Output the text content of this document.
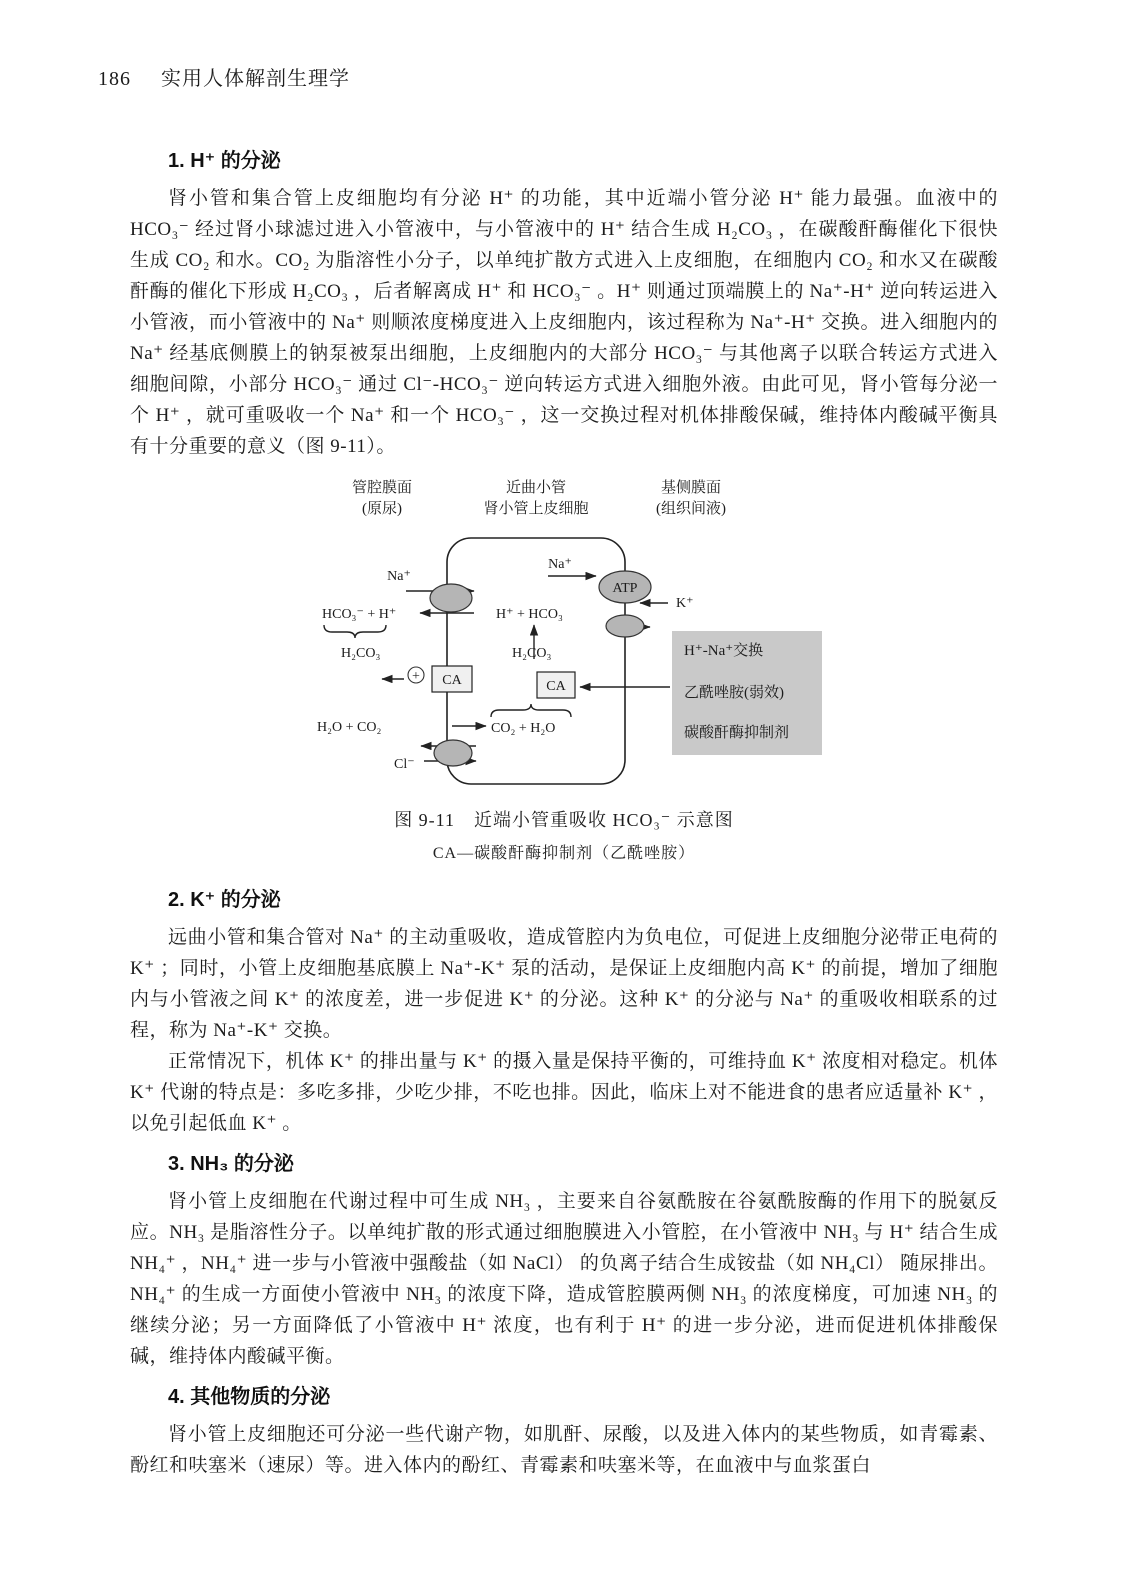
186 实用人体解剖生理学
1. H⁺ 的分泌

肾小管和集合管上皮细胞均有分泌 H⁺ 的功能，其中近端小管分泌 H⁺ 能力最强。血液中的 HCO₃⁻ 经过肾小球滤过进入小管液中，与小管液中的 H⁺ 结合生成 H₂CO₃ ，在碳酸酐酶催化下很快生成 CO₂ 和水。CO₂ 为脂溶性小分子，以单纯扩散方式进入上皮细胞，在细胞内 CO₂ 和水又在碳酸酐酶的催化下形成 H₂CO₃ ，后者解离成 H⁺ 和 HCO₃⁻ 。H⁺ 则通过顶端膜上的 Na⁺-H⁺ 逆向转运进入小管液，而小管液中的 Na⁺ 则顺浓度梯度进入上皮细胞内，该过程称为 Na⁺-H⁺ 交换。进入细胞内的 Na⁺ 经基底侧膜上的钠泵被泵出细胞，上皮细胞内的大部分 HCO₃⁻ 与其他离子以联合转运方式进入细胞间隙，小部分 HCO₃⁻ 通过 Cl⁻-HCO₃⁻ 逆向转运方式进入细胞外液。由此可见，肾小管每分泌一个 H⁺ ，就可重吸收一个 Na⁺ 和一个 HCO₃⁻ ，这一交换过程对机体排酸保碱，维持体内酸碱平衡具有十分重要的意义（图 9-11）。

管腔膜面
(原尿)
近曲小管
肾小管上皮细胞
基侧膜面
(组织间液)
H⁺-Na⁺交换
乙酰唑胺(弱效)
碳酸酐酶抑制剂
ATP
Na⁺
HCO₃⁻ + H⁺
H₂CO₃
+ CA
H₂O + CO₂
Cl⁻
Na⁺
H⁺ + HCO₃
H₂CO₃
CA
CO₂ + H₂O
K⁺
图 9-11　近端小管重吸收 HCO₃⁻ 示意图
CA—碳酸酐酶抑制剂（乙酰唑胺）
2. K⁺ 的分泌

远曲小管和集合管对 Na⁺ 的主动重吸收，造成管腔内为负电位，可促进上皮细胞分泌带正电荷的 K⁺ ；同时，小管上皮细胞基底膜上 Na⁺-K⁺ 泵的活动，是保证上皮细胞内高 K⁺ 的前提，增加了细胞内与小管液之间 K⁺ 的浓度差，进一步促进 K⁺ 的分泌。这种 K⁺ 的分泌与 Na⁺ 的重吸收相联系的过程，称为 Na⁺-K⁺ 交换。

正常情况下，机体 K⁺ 的排出量与 K⁺ 的摄入量是保持平衡的，可维持血 K⁺ 浓度相对稳定。机体 K⁺ 代谢的特点是：多吃多排，少吃少排，不吃也排。因此，临床上对不能进食的患者应适量补 K⁺ ，以免引起低血 K⁺ 。

3. NH₃ 的分泌

肾小管上皮细胞在代谢过程中可生成 NH₃ ，主要来自谷氨酰胺在谷氨酰胺酶的作用下的脱氨反应。NH₃ 是脂溶性分子。以单纯扩散的形式通过细胞膜进入小管腔，在小管液中 NH₃ 与 H⁺ 结合生成 NH₄⁺ ，NH₄⁺ 进一步与小管液中强酸盐（如 NaCl） 的负离子结合生成铵盐（如 NH₄Cl） 随尿排出。NH₄⁺ 的生成一方面使小管液中 NH₃ 的浓度下降，造成管腔膜两侧 NH₃ 的浓度梯度，可加速 NH₃ 的继续分泌；另一方面降低了小管液中 H⁺ 浓度，也有利于 H⁺ 的进一步分泌，进而促进机体排酸保碱，维持体内酸碱平衡。

4. 其他物质的分泌

肾小管上皮细胞还可分泌一些代谢产物，如肌酐、尿酸，以及进入体内的某些物质，如青霉素、酚红和呋塞米（速尿）等。进入体内的酚红、青霉素和呋塞米等，在血液中与血浆蛋白
